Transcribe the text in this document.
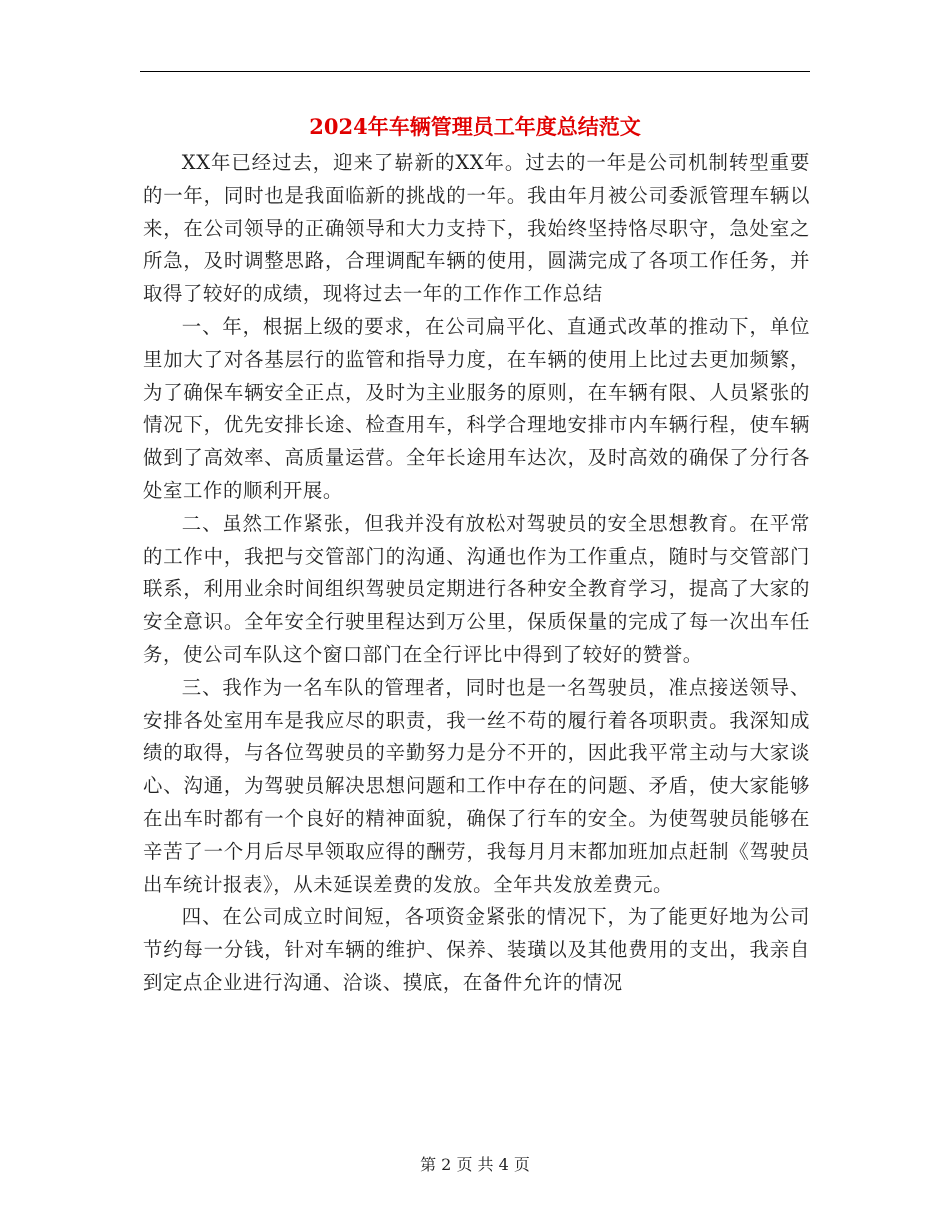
2024年车辆管理员工年度总结范文

XX年已经过去，迎来了崭新的XX年。过去的一年是公司机制转型重要的一年，同时也是我面临新的挑战的一年。我由年月被公司委派管理车辆以来，在公司领导的正确领导和大力支持下，我始终坚持恪尽职守，急处室之所急，及时调整思路，合理调配车辆的使用，圆满完成了各项工作任务，并取得了较好的成绩，现将过去一年的工作作工作总结

一、年，根据上级的要求，在公司扁平化、直通式改革的推动下，单位里加大了对各基层行的监管和指导力度，在车辆的使用上比过去更加频繁，为了确保车辆安全正点，及时为主业服务的原则，在车辆有限、人员紧张的情况下，优先安排长途、检查用车，科学合理地安排市内车辆行程，使车辆做到了高效率、高质量运营。全年长途用车达次，及时高效的确保了分行各处室工作的顺利开展。

二、虽然工作紧张，但我并没有放松对驾驶员的安全思想教育。在平常的工作中，我把与交管部门的沟通、沟通也作为工作重点，随时与交管部门联系，利用业余时间组织驾驶员定期进行各种安全教育学习，提高了大家的安全意识。全年安全行驶里程达到万公里，保质保量的完成了每一次出车任务，使公司车队这个窗口部门在全行评比中得到了较好的赞誉。

三、我作为一名车队的管理者，同时也是一名驾驶员，准点接送领导、安排各处室用车是我应尽的职责，我一丝不苟的履行着各项职责。我深知成绩的取得，与各位驾驶员的辛勤努力是分不开的，因此我平常主动与大家谈心、沟通，为驾驶员解决思想问题和工作中存在的问题、矛盾，使大家能够在出车时都有一个良好的精神面貌，确保了行车的安全。为使驾驶员能够在辛苦了一个月后尽早领取应得的酬劳，我每月月末都加班加点赶制《驾驶员出车统计报表》，从未延误差费的发放。全年共发放差费元。

四、在公司成立时间短，各项资金紧张的情况下，为了能更好地为公司节约每一分钱，针对车辆的维护、保养、装璜以及其他费用的支出，我亲自到定点企业进行沟通、洽谈、摸底，在备件允许的情况

第 2 页 共 4 页
